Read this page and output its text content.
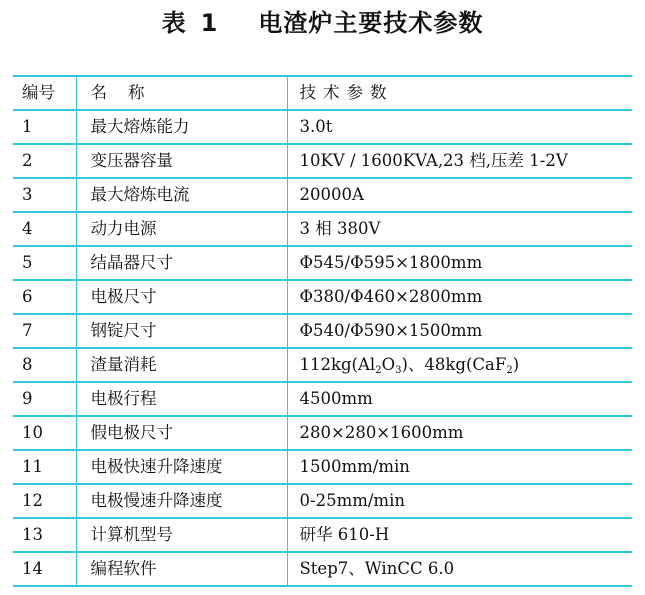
表 1 电渣炉主要技术参数
编号	名    称	技术参数
1	最大熔炼能力	3.0t
2	变压器容量	10KV / 1600KVA,23 档,压差 1-2V
3	最大熔炼电流	20000A
4	动力电源	3 相 380V
5	结晶器尺寸	Φ545/Φ595×1800mm
6	电极尺寸	Φ380/Φ460×2800mm
7	钢锭尺寸	Φ540/Φ590×1500mm
8	渣量消耗	$112kg(Al_2O_3)$、48kg(CaF$_2$)
9	电极行程	4500mm
10	假电极尺寸	280×280×1600mm
11	电极快速升降速度	1500mm/min
12	电极慢速升降速度	0-25mm/min
13	计算机型号	研华 610-H
14	编程软件	Step7、WinCC 6.0
